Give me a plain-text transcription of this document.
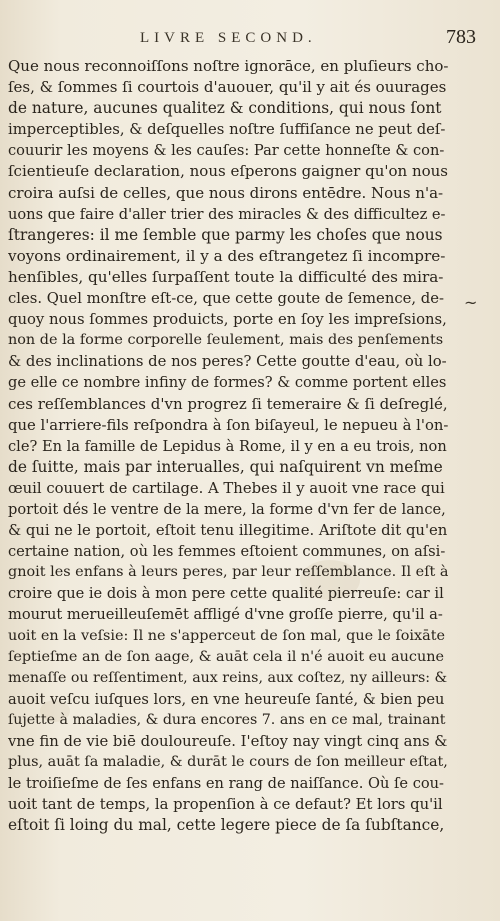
LIVRE SECOND.	783
~
Que nous reconnoiſſons noſtre ignorāce, en pluſieurs cho-
ſes, & ſommes ſi courtois d'auouer, qu'il y ait és ouurages
de nature, aucunes qualitez & conditions, qui nous ſont
imperceptibles, & deſquelles noſtre ſuffiſance ne peut deſ-
couurir les moyens & les cauſes: Par cette honneſte & con-
ſcientieuſe declaration, nous eſperons gaigner qu'on nous
croira auſsi de celles, que nous dirons entēdre. Nous n'a-
uons que faire d'aller trier des miracles & des difficultez e-
ſtrangeres: il me ſemble que parmy les choſes que nous
voyons ordinairement, il y a des eſtrangetez ſi incompre-
henſibles, qu'elles ſurpaſſent toute la difficulté des mira-
cles. Quel monſtre eſt-ce, que cette goute de ſemence, de-
quoy nous ſommes produicts, porte en ſoy les impreſsions,
non de la forme corporelle ſeulement, mais des penſements
& des inclinations de nos peres? Cette goutte d'eau, où lo-
ge elle ce nombre infiny de formes? & comme portent elles
ces reſſemblances d'vn progrez ſi temeraire & ſi deſreglé,
que l'arriere-fils reſpondra à ſon biſayeul, le nepueu à l'on-
cle? En la famille de Lepidus à Rome, il y en a eu trois, non
de ſuitte, mais par interualles, qui naſquirent vn meſme
œuil couuert de cartilage. A Thebes il y auoit vne race qui
portoit dés le ventre de la mere, la forme d'vn fer de lance,
& qui ne le portoit, eſtoit tenu illegitime. Ariſtote dit qu'en
certaine nation, où les femmes eſtoient communes, on aſsi-
gnoit les enfans à leurs peres, par leur reſſemblance. Il eſt à
croire que ie dois à mon pere cette qualité pierreuſe: car il
mourut merueilleuſemēt affligé d'vne groſſe pierre, qu'il a-
uoit en la veſsie: Il ne s'apperceut de ſon mal, que le ſoixāte
ſeptieſme an de ſon aage, & auāt cela il n'é auoit eu aucune
menaſſe ou reſſentiment, aux reins, aux coſtez, ny ailleurs: &
auoit veſcu iuſques lors, en vne heureuſe ſanté, & bien peu
ſujette à maladies, & dura encores 7. ans en ce mal, trainant
vne fin de vie biē douloureuſe. I'eſtoy nay vingt cinq ans &
plus, auāt ſa maladie, & durāt le cours de ſon meilleur eſtat,
le troiſieſme de ſes enfans en rang de naiſſance. Où ſe cou-
uoit tant de temps, la propenſion à ce defaut? Et lors qu'il
eſtoit ſi loing du mal, cette legere piece de ſa ſubſtance,
